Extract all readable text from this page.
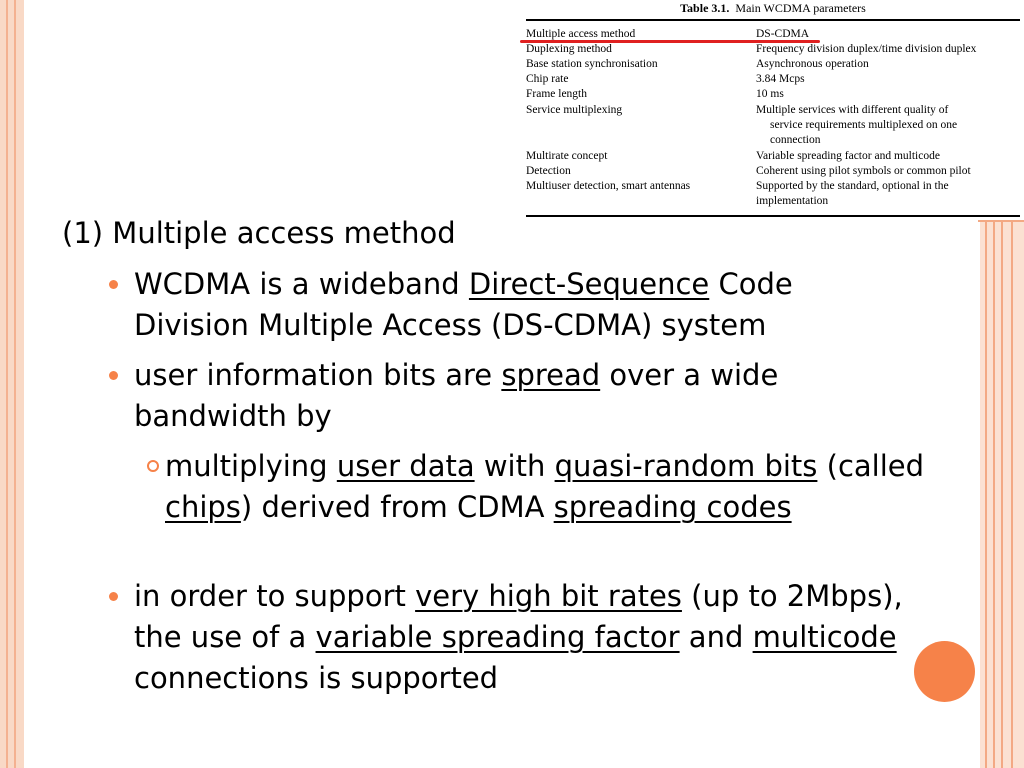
Table 3.1. Main WCDMA parameters
Multiple access method	DS-CDMA
Duplexing method	Frequency division duplex/time division duplex
Base station synchronisation	Asynchronous operation
Chip rate	3.84 Mcps
Frame length	10 ms
Service multiplexing	Multiple services with different quality of
service requirements multiplexed on one
connection
Multirate concept	Variable spreading factor and multicode
Detection	Coherent using pilot symbols or common pilot
Multiuser detection, smart antennas	Supported by the standard, optional in the
implementation
(1) Multiple access method
WCDMA is a wideband Direct-Sequence Code Division Multiple Access (DS-CDMA) system
user information bits are spread over a wide bandwidth by
multiplying user data with quasi-random bits (called chips) derived from CDMA spreading codes
in order to support very high bit rates (up to 2Mbps), the use of a variable spreading factor and multicode connections is supported
